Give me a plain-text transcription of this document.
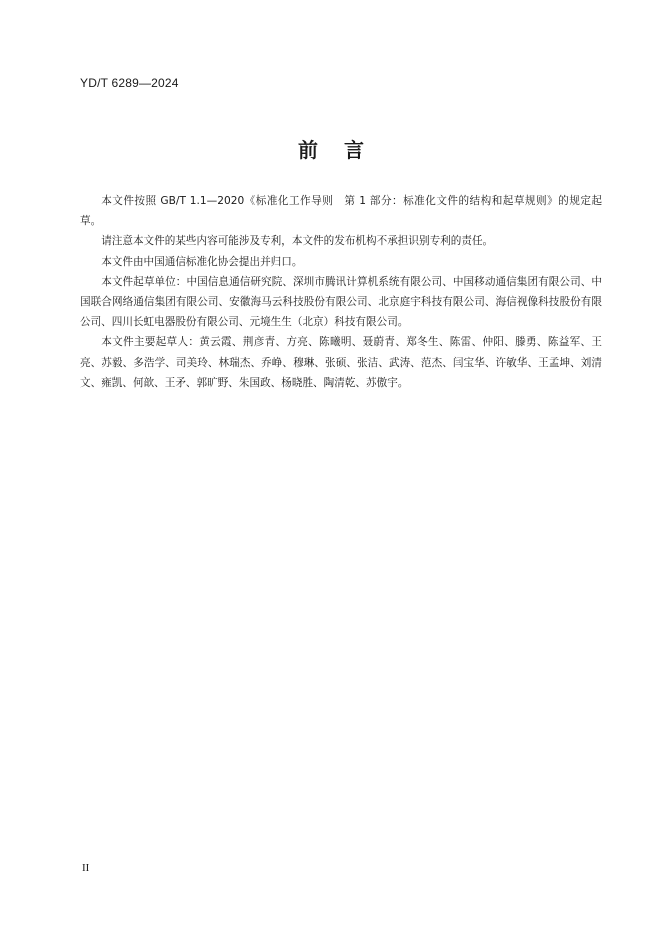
YD/T 6289—2024
前言

本文件按照 GB/T 1.1—2020《标准化工作导则　第 1 部分：标准化文件的结构和起草规则》的规定起草。

请注意本文件的某些内容可能涉及专利，本文件的发布机构不承担识别专利的责任。

本文件由中国通信标准化协会提出并归口。

本文件起草单位：中国信息通信研究院、深圳市腾讯计算机系统有限公司、中国移动通信集团有限公司、中国联合网络通信集团有限公司、安徽海马云科技股份有限公司、北京庭宇科技有限公司、海信视像科技股份有限公司、四川长虹电器股份有限公司、元境生生（北京）科技有限公司。

本文件主要起草人：黄云霞、荆彦青、方亮、陈曦明、聂蔚青、郑冬生、陈雷、仲阳、滕勇、陈益军、王亮、苏毅、多浩学、司美玲、林瑞杰、乔峥、穆琳、张硕、张洁、武涛、范杰、闫宝华、许敏华、王孟坤、刘清文、雍凯、何歆、王矛、郭旷野、朱国政、杨晓胜、陶清乾、苏傲宇。

II
